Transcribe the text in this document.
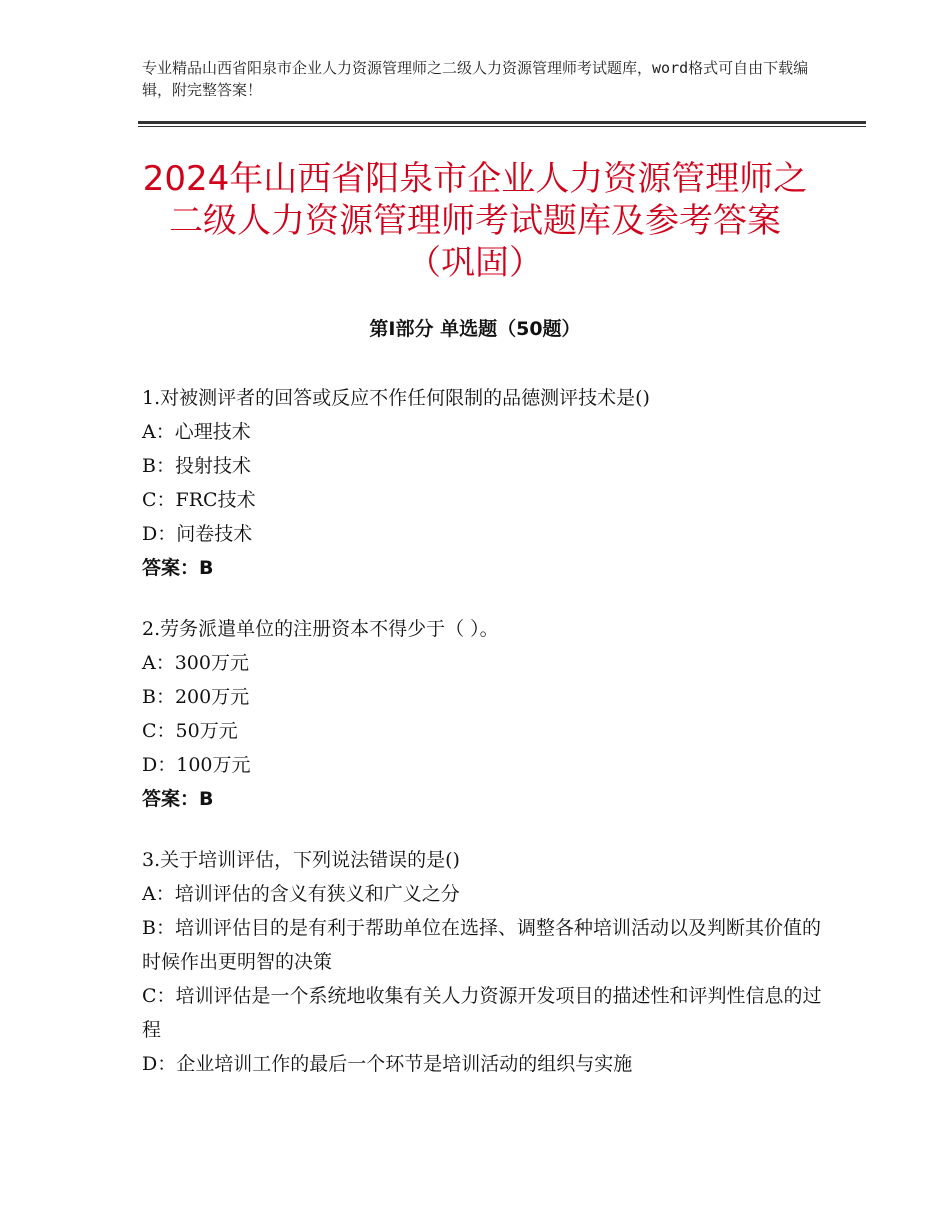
专业精品山西省阳泉市企业人力资源管理师之二级人力资源管理师考试题库，word格式可自由下载编辑，附完整答案！
2024年山西省阳泉市企业人力资源管理师之
二级人力资源管理师考试题库及参考答案
（巩固）
第Ⅰ部分 单选题（50题）
1.对被测评者的回答或反应不作任何限制的品德测评技术是()
A：心理技术
B：投射技术
C：FRC技术
D：问卷技术
答案：B
2.劳务派遣单位的注册资本不得少于（ ）。
A：300万元
B：200万元
C：50万元
D：100万元
答案：B
3.关于培训评估，下列说法错误的是()
A：培训评估的含义有狭义和广义之分
B：培训评估目的是有利于帮助单位在选择、调整各种培训活动以及判断其价值的时候作出更明智的决策
C：培训评估是一个系统地收集有关人力资源开发项目的描述性和评判性信息的过程
D：企业培训工作的最后一个环节是培训活动的组织与实施
